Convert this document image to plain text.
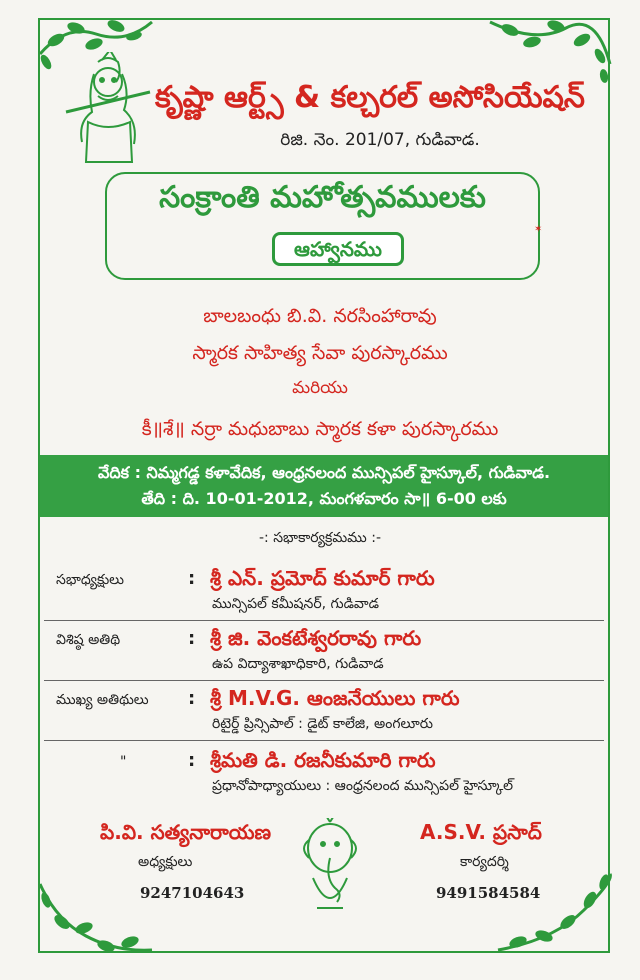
కృష్ణా ఆర్ట్స్ & కల్చరల్ అసోసియేషన్
రిజి. నెం. 201/07, గుడివాడ.
సంక్రాంతి మహోత్సవములకు
ఆహ్వానము
✶
బాలబంధు బి.వి. నరసింహారావు
స్మారక సాహిత్య సేవా పురస్కారము
మరియు
కీ॥శే॥ నర్రా మధుబాబు స్మారక కళా పురస్కారము
వేదిక : నిమ్మగడ్డ కళావేదిక, ఆంధ్రనలంద మున్సిపల్ హైస్కూల్, గుడివాడ.
తేది : ది. 10-01-2012, మంగళవారం సా॥ 6-00 లకు
-: సభాకార్యక్రమము :-
సభాధ్యక్షులు	: శ్రీ ఎన్. ప్రమోద్ కుమార్ గారు
మున్సిపల్ కమీషనర్, గుడివాడ
విశిష్ఠ అతిథి	: శ్రీ జి. వెంకటేశ్వరరావు గారు
ఉప విద్యాశాఖాధికారి, గుడివాడ
ముఖ్య అతిథులు : శ్రీ M.V.G. ఆంజనేయులు గారు
రిటైర్డ్ ప్రిన్సిపాల్ : డైట్ కాలేజి, అంగలూరు
"	: శ్రీమతి డి. రజనీకుమారి గారు
ప్రధానోపాధ్యాయులు : ఆంధ్రనలంద మున్సిపల్ హైస్కూల్
పి.వి. సత్యనారాయణ
అధ్యక్షులు
9247104643
A.S.V. ప్రసాద్
కార్యదర్శి
9491584584
